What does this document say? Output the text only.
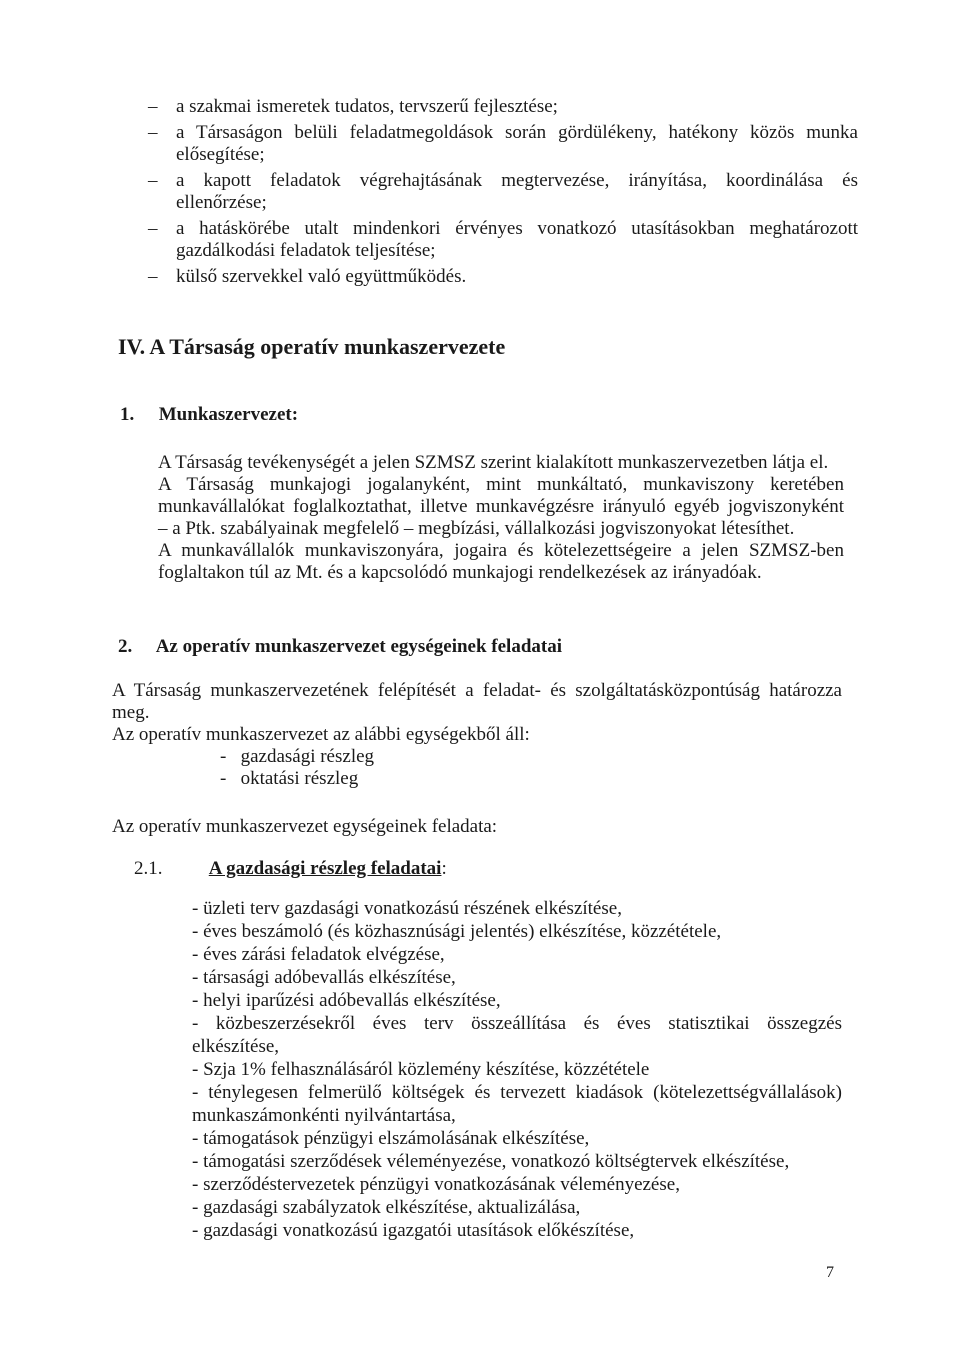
– a szakmai ismeretek tudatos, tervszerű fejlesztése;
– a Társaságon belüli feladatmegoldások során gördülékeny, hatékony közös munka
elősegítése;
– a kapott feladatok végrehajtásának megtervezése, irányítása, koordinálása és
ellenőrzése;
– a hatáskörébe utalt mindenkori érvényes vonatkozó utasításokban meghatározott
gazdálkodási feladatok teljesítése;
– külső szervekkel való együttműködés.
IV. A Társaság operatív munkaszervezete
1. Munkaszervezet:

A Társaság tevékenységét a jelen SZMSZ szerint kialakított munkaszervezetben látja el.

A Társaság munkajogi jogalanyként, mint munkáltató, munkaviszony keretében

munkavállalókat foglalkoztathat, illetve munkavégzésre irányuló egyéb jogviszonyként

– a Ptk. szabályainak megfelelő – megbízási, vállalkozási jogviszonyokat létesíthet.

A munkavállalók munkaviszonyára, jogaira és kötelezettségeire a jelen SZMSZ-ben

foglaltakon túl az Mt. és a kapcsolódó munkajogi rendelkezések az irányadóak.

2. Az operatív munkaszervezet egységeinek feladatai

A Társaság munkaszervezetének felépítését a feladat- és szolgáltatásközpontúság határozza

meg.

Az operatív munkaszervezet az alábbi egységekből áll:

-   gazdasági részleg
-   oktatási részleg

Az operatív munkaszervezet egységeinek feladata:

2.1. A gazdasági részleg feladatai:
- üzleti terv gazdasági vonatkozású részének elkészítése,
- éves beszámoló (és közhasznúsági jelentés) elkészítése, közzététele,
- éves zárási feladatok elvégzése,
- társasági adóbevallás elkészítése,
- helyi iparűzési adóbevallás elkészítése,
- közbeszerzésekről éves terv összeállítása és éves statisztikai összegzés
elkészítése,
- Szja 1% felhasználásáról közlemény készítése, közzététele
- ténylegesen felmerülő költségek és tervezett kiadások (kötelezettségvállalások)
munkaszámonkénti nyilvántartása,
- támogatások pénzügyi elszámolásának elkészítése,
- támogatási szerződések véleményezése, vonatkozó költségtervek elkészítése,
- szerződéstervezetek pénzügyi vonatkozásának véleményezése,
- gazdasági szabályzatok elkészítése, aktualizálása,
- gazdasági vonatkozású igazgatói utasítások előkészítése,
7
